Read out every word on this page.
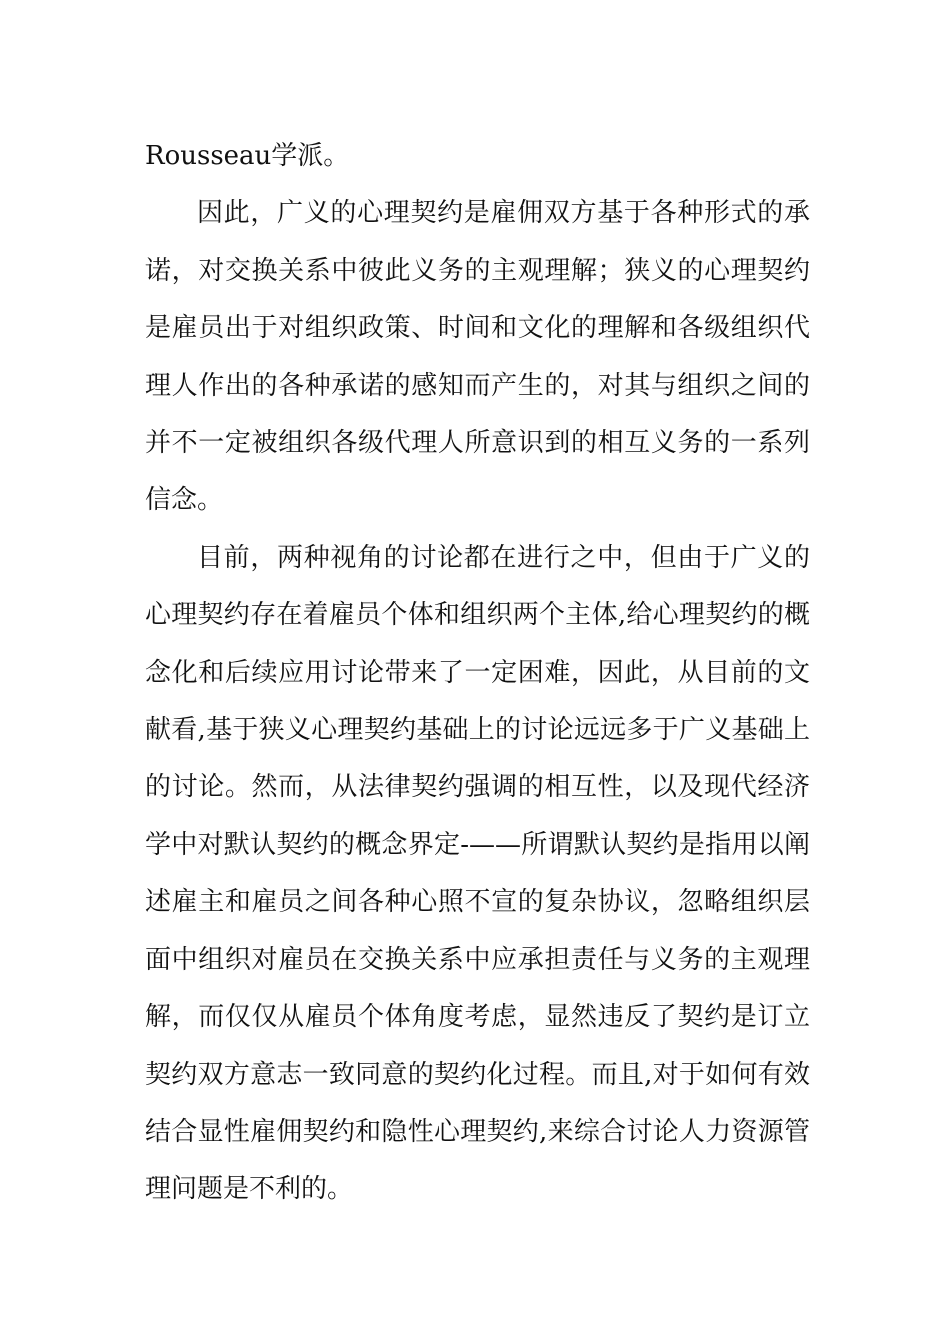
Rousseau学派。

因此，广义的心理契约是雇佣双方基于各种形式的承诺，对交换关系中彼此义务的主观理解；狭义的心理契约是雇员出于对组织政策、时间和文化的理解和各级组织代理人作出的各种承诺的感知而产生的，对其与组织之间的并不一定被组织各级代理人所意识到的相互义务的一系列信念。

目前，两种视角的讨论都在进行之中，但由于广义的心理契约存在着雇员个体和组织两个主体,给心理契约的概念化和后续应用讨论带来了一定困难，因此，从目前的文献看,基于狭义心理契约基础上的讨论远远多于广义基础上的讨论。然而，从法律契约强调的相互性，以及现代经济学中对默认契约的概念界定-——所谓默认契约是指用以阐述雇主和雇员之间各种心照不宣的复杂协议，忽略组织层面中组织对雇员在交换关系中应承担责任与义务的主观理解，而仅仅从雇员个体角度考虑，显然违反了契约是订立契约双方意志一致同意的契约化过程。而且,对于如何有效结合显性雇佣契约和隐性心理契约,来综合讨论人力资源管理问题是不利的。
